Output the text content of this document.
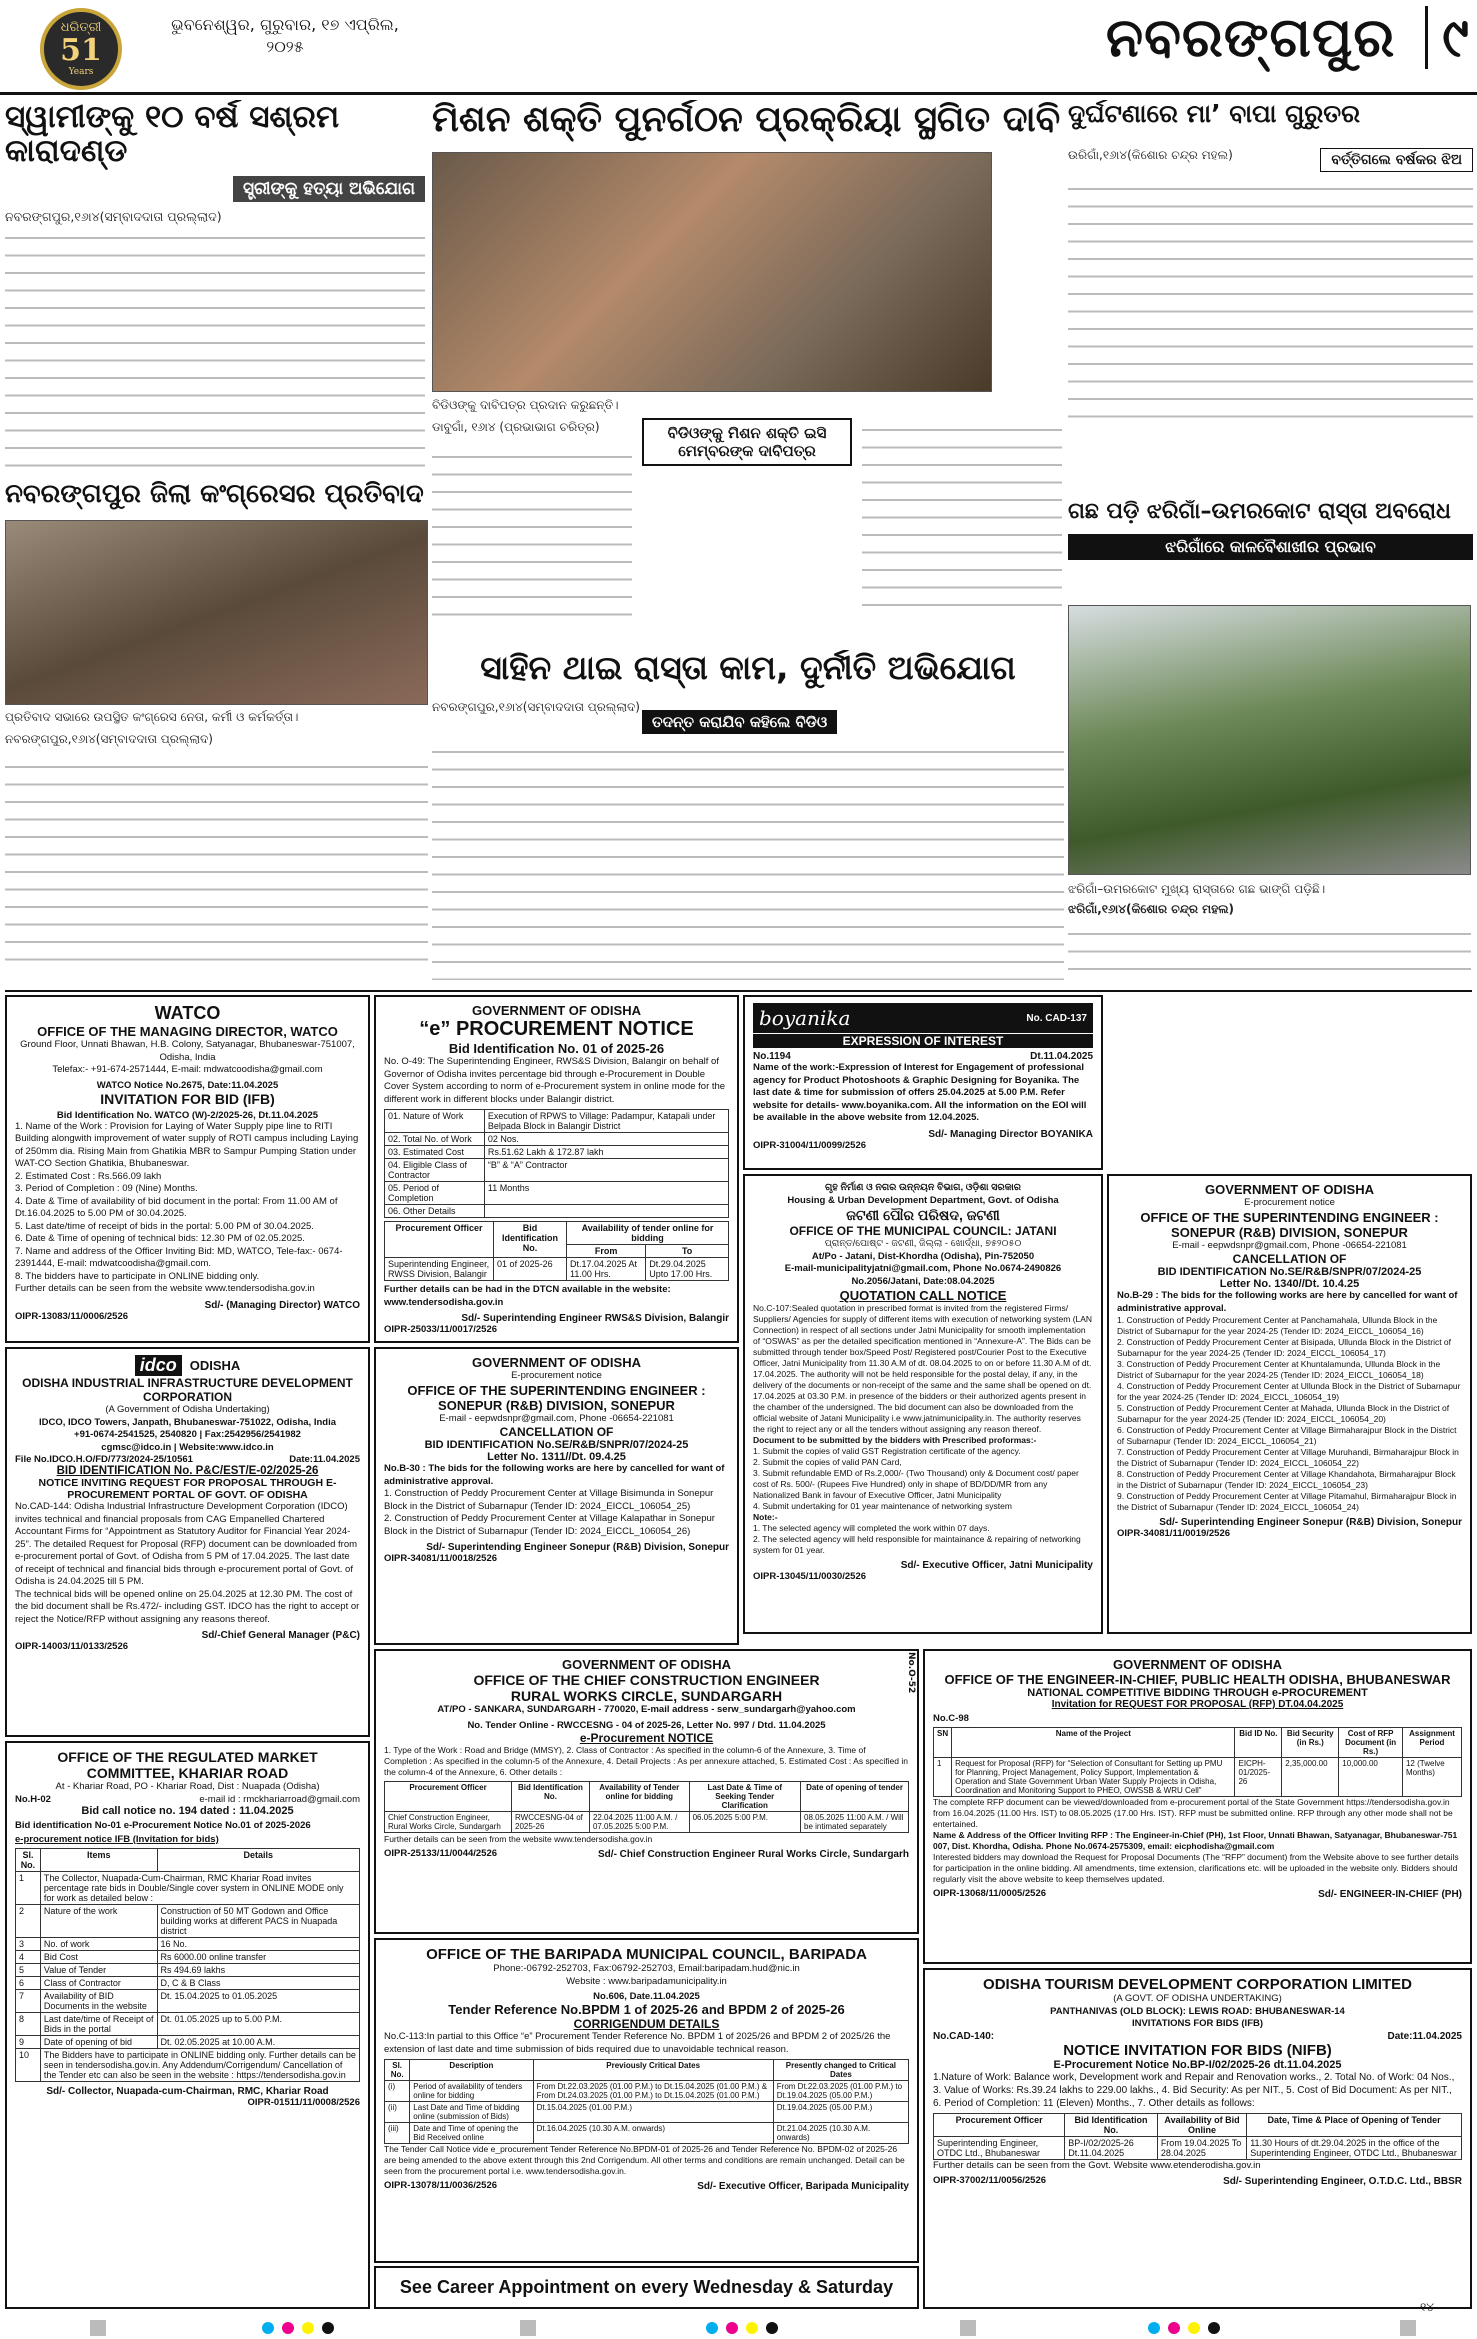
ଧରିତ୍ରୀ
51
Years
ଭୁବନେଶ୍ୱର, ଗୁରୁବାର, ୧୭ ଏପ୍ରିଲ, ୨୦୨୫	ନବରଙ୍ଗପୁର ୯
ସ୍ୱାମୀଙ୍କୁ ୧୦ ବର୍ଷ ସଶ୍ରମ କାରାଦଣ୍ଡ
ସ୍ତ୍ରୀଙ୍କୁ ହତ୍ୟା ଅଭିଯୋଗ
ନବରଙ୍ଗପୁର,୧୬ା୪(ସମ୍ବାଦଦାତା ପ୍ରଲ୍ଲାଦ)
ମିଶନ ଶକ୍ତି ପୁନର୍ଗଠନ ପ୍ରକ୍ରିୟା ସ୍ଥଗିତ ଦାବି
ବିଡିଓଙ୍କୁ ଦାବିପତ୍ର ପ୍ରଦାନ କରୁଛନ୍ତି।
ଡାବୁଗାଁ, ୧୬ା୪ (ପ୍ରଭାଭାଗ ଚରିତ୍ର)	ବିଡିଓଙ୍କୁ ମିଶନ ଶକ୍ତି ଇସି ମେମ୍ବରଙ୍କ ଦାବିପତ୍ର
ଦୁର୍ଘଟଣାରେ ମା’ ବାପା ଗୁରୁତର
ଉରିଗାଁ,୧୬ା୪(କିଶୋର ଚନ୍ଦ୍ର ମହଲ)	ବର୍ତ୍ତିଗଲେ ବର୍ଷକର ଝିଅ
ନବରଙ୍ଗପୁର ଜିଲା କଂଗ୍ରେସର ପ୍ରତିବାଦ
ପ୍ରତିବାଦ ସଭାରେ ଉପସ୍ଥିତ କଂଗ୍ରେସ ନେତା, କର୍ମୀ ଓ କର୍ମକର୍ତ୍ତା।
ନବରଙ୍ଗପୁର,୧୬ା୪(ସମ୍ବାଦଦାତା ପ୍ରଲ୍ଲାଦ)
ଗଛ ପଡ଼ି ଝରିଗାଁ–ଉମରକୋଟ ରାସ୍ତା ଅବରୋଧ
ଝରିଗାଁରେ କାଳବୈଶାଖୀର ପ୍ରଭାବ
ଝରିଗାଁ–ଉମରକୋଟ ମୁଖ୍ୟ ରାସ୍ତାରେ ଗଛ ଭାଙ୍ଗି ପଡ଼ିଛି।
ଝରିଗାଁ,୧୬ା୪(କିଶୋର ଚନ୍ଦ୍ର ମହଲ)
ସାହିନ ଥାଇ ରାସ୍ତା କାମ, ଦୁର୍ନୀତି ଅଭିଯୋଗ
ନବରଙ୍ଗପୁର,୧୬ା୪(ସମ୍ବାଦଦାତା ପ୍ରଲ୍ଲାଦ)
ତଦନ୍ତ କରାଯିବ କହିଲେ ବିଡିଓ
WATCO
OFFICE OF THE MANAGING DIRECTOR, WATCO
Ground Floor, Unnati Bhawan, H.B. Colony, Satyanagar, Bhubaneswar-751007, Odisha, India
Telefax:- +91-674-2571444, E-mail: mdwatcoodisha@gmail.com
WATCO Notice No.2675, Date:11.04.2025
INVITATION FOR BID (IFB)
Bid Identification No. WATCO (W)-2/2025-26, Dt.11.04.2025
1. Name of the Work : Provision for Laying of Water Supply pipe line to RITI Building alongwith improvement of water supply of ROTI campus including Laying of 250mm dia. Rising Main from Ghatikia MBR to Sampur Pumping Station under WAT-CO Section Ghatikia, Bhubaneswar.
2. Estimated Cost : Rs.566.09 lakh
3. Period of Completion : 09 (Nine) Months.
4. Date & Time of availability of bid document in the portal: From 11.00 AM of Dt.16.04.2025 to 5.00 PM of 30.04.2025.
5. Last date/time of receipt of bids in the portal: 5.00 PM of 30.04.2025.
6. Date & Time of opening of technical bids: 12.30 PM of 02.05.2025.
7. Name and address of the Officer Inviting Bid: MD, WATCO, Tele-fax:- 0674-2391444, E-mail: mdwatcoodisha@gmail.com.
8. The bidders have to participate in ONLINE bidding only.
Further details can be seen from the website www.tendersodisha.gov.in
Sd/- (Managing Director) WATCO
OIPR-13083/11/0006/2526
GOVERNMENT OF ODISHA
“e” PROCUREMENT NOTICE
Bid Identification No. 01 of 2025-26
No. O-49: The Superintending Engineer, RWS&S Division, Balangir on behalf of Governor of Odisha invites percentage bid through e-Procurement in Double Cover System according to norm of e-Procurement system in online mode for the different work in different blocks under Balangir district.
01. Nature of Work	Execution of RPWS to Village: Padampur, Katapali under Belpada Block in Balangir District
02. Total No. of Work	02 Nos.
03. Estimated Cost	Rs.51.62 Lakh & 172.87 lakh
04. Eligible Class of Contractor	“B” & “A” Contractor
05. Period of Completion	11 Months
06. Other Details	
Procurement Officer	Bid Identification No.	Availability of tender online for bidding	
		From	To
Superintending Engineer, RWSS Division, Balangir	01 of 2025-26	Dt.17.04.2025 At 11.00 Hrs.	Dt.29.04.2025 Upto 17.00 Hrs.
Further details can be had in the DTCN available in the website: www.tendersodisha.gov.in
Sd/- Superintending Engineer RWS&S Division, Balangir
OIPR-25033/11/0017/2526
boyanika	No. CAD-137
EXPRESSION OF INTEREST
No.1194	Dt.11.04.2025
Name of the work:-Expression of Interest for Engagement of professional agency for Product Photoshoots & Graphic Designing for Boyanika. The last date & time for submission of offers 25.04.2025 at 5.00 P.M. Refer website for details- www.boyanika.com. All the information on the EOI will be available in the above website from 12.04.2025.
Sd/- Managing Director BOYANIKA
OIPR-31004/11/0099/2526
ଗୃହ ନିର୍ମାଣ ଓ ନଗର ଉନ୍ନୟନ ବିଭାଗ, ଓଡ଼ିଶା ସରକାର
Housing & Urban Development Department, Govt. of Odisha
ଜଟଣୀ ପୌର ପରିଷଦ, ଜଟଣୀ
OFFICE OF THE MUNICIPAL COUNCIL: JATANI
ପ୍ରାନ୍ତ/ପୋଷ୍ଟ - ଜଟଣୀ, ଜିଲ୍ଲା - ଖୋର୍ଦ୍ଧା, ୭୫୨୦୫୦
At/Po - Jatani, Dist-Khordha (Odisha), Pin-752050
E-mail-municipalityjatni@gmail.com, Phone No.0674-2490826
No.2056/Jatani, Date:08.04.2025
QUOTATION CALL NOTICE
No.C-107:Sealed quotation in prescribed format is invited from the registered Firms/ Suppliers/ Agencies for supply of different items with execution of networking system (LAN Connection) in respect of all sections under Jatni Municipality for smooth implementation of “OSWAS” as per the detailed specification mentioned in “Annexure-A”. The Bids can be submitted through tender box/Speed Post/ Registered post/Courier Post to the Executive Officer, Jatni Municipality from 11.30 A.M of dt. 08.04.2025 to on or before 11.30 A.M of dt. 17.04.2025. The authority will not be held responsible for the postal delay, if any, in the delivery of the documents or non-receipt of the same and the same shall be opened on dt. 17.04.2025 at 03.30 P.M. in presence of the bidders or their authorized agents present in the chamber of the undersigned. The bid document can also be downloaded from the official website of Jatani Municipality i.e www.jatnimunicipality.in. The authority reserves the right to reject any or all the tenders without assigning any reason thereof.
Document to be submitted by the bidders with Prescribed proformas:-
1. Submit the copies of valid GST Registration certificate of the agency.
2. Submit the copies of valid PAN Card,
3. Submit refundable EMD of Rs.2,000/- (Two Thousand) only & Document cost/ paper cost of Rs. 500/- (Rupees Five Hundred) only in shape of BD/DD/MR from any Nationalized Bank in favour of Executive Officer, Jatni Municipality
4. Submit undertaking for 01 year maintenance of networking system
Note:-
1. The selected agency will completed the work within 07 days.
2. The selected agency will held responsible for maintainance & repairing of networking system for 01 year.
Sd/- Executive Officer, Jatni Municipality
OIPR-13045/11/0030/2526
GOVERNMENT OF ODISHA
E-procurement notice
OFFICE OF THE SUPERINTENDING ENGINEER : SONEPUR (R&B) DIVISION, SONEPUR
E-mail - eepwdsnpr@gmail.com, Phone -06654-221081
CANCELLATION OF
BID IDENTIFICATION No.SE/R&B/SNPR/07/2024-25
Letter No. 1340//Dt. 10.4.25
No.B-29 : The bids for the following works are here by cancelled for want of administrative approval.
1. Construction of Peddy Procurement Center at Panchamahala, Ullunda Block in the District of Subarnapur for the year 2024-25 (Tender ID: 2024_EICCL_106054_16)
2. Construction of Peddy Procurement Center at Bisipada, Ullunda Block in the District of Subarnapur for the year 2024-25 (Tender ID: 2024_EICCL_106054_17)
3. Construction of Peddy Procurement Center at Khuntalamunda, Ullunda Block in the District of Subarnapur for the year 2024-25 (Tender ID: 2024_EICCL_106054_18)
4. Construction of Peddy Procurement Center at Ullunda Block in the District of Subarnapur for the year 2024-25 (Tender ID: 2024_EICCL_106054_19)
5. Construction of Peddy Procurement Center at Mahada, Ullunda Block in the District of Subarnapur for the year 2024-25 (Tender ID: 2024_EICCL_106054_20)
6. Construction of Peddy Procurement Center at Village Birmaharajpur Block in the District of Subarnapur (Tender ID: 2024_EICCL_106054_21)
7. Construction of Peddy Procurement Center at Village Muruhandi, Birmaharajpur Block in the District of Subarnapur (Tender ID: 2024_EICCL_106054_22)
8. Construction of Peddy Procurement Center at Village Khandahota, Birmaharajpur Block in the District of Subarnapur (Tender ID: 2024_EICCL_106054_23)
9. Construction of Peddy Procurement Center at Village Pitamahul, Birmaharajpur Block in the District of Subarnapur (Tender ID: 2024_EICCL_106054_24)
Sd/- Superintending Engineer Sonepur (R&B) Division, Sonepur
OIPR-34081/11/0019/2526
idco	ODISHA
ODISHA INDUSTRIAL INFRASTRUCTURE DEVELOPMENT CORPORATION
(A Government of Odisha Undertaking)
IDCO, IDCO Towers, Janpath, Bhubaneswar-751022, Odisha, India
+91-0674-2541525, 2540820 | Fax:2542956/2541982
cgmsc@idco.in | Website:www.idco.in
File No.IDCO.H.O/FD/773/2024-25/10561	Date:11.04.2025
BID IDENTIFICATION No. P&C/EST/E-02/2025-26
NOTICE INVITING REQUEST FOR PROPOSAL THROUGH E-PROCUREMENT PORTAL OF GOVT. OF ODISHA
No.CAD-144: Odisha Industrial Infrastructure Development Corporation (IDCO) invites technical and financial proposals from CAG Empanelled Chartered Accountant Firms for “Appointment as Statutory Auditor for Financial Year 2024-25”. The detailed Request for Proposal (RFP) document can be downloaded from e-procurement portal of Govt. of Odisha from 5 PM of 17.04.2025. The last date of receipt of technical and financial bids through e-procurement portal of Govt. of Odisha is 24.04.2025 till 5 PM.
The technical bids will be opened online on 25.04.2025 at 12.30 PM. The cost of the bid document shall be Rs.472/- including GST. IDCO has the right to accept or reject the Notice/RFP without assigning any reasons thereof.
Sd/-Chief General Manager (P&C)
OIPR-14003/11/0133/2526
GOVERNMENT OF ODISHA
E-procurement notice
OFFICE OF THE SUPERINTENDING ENGINEER : SONEPUR (R&B) DIVISION, SONEPUR
E-mail - eepwdsnpr@gmail.com, Phone -06654-221081
CANCELLATION OF
BID IDENTIFICATION No.SE/R&B/SNPR/07/2024-25
Letter No. 1311//Dt. 09.4.25
No.B-30 : The bids for the following works are here by cancelled for want of administrative approval.
1. Construction of Peddy Procurement Center at Village Bisimunda in Sonepur Block in the District of Subarnapur (Tender ID: 2024_EICCL_106054_25)
2. Construction of Peddy Procurement Center at Village Kalapathar in Sonepur Block in the District of Subarnapur (Tender ID: 2024_EICCL_106054_26)
Sd/- Superintending Engineer Sonepur (R&B) Division, Sonepur
OIPR-34081/11/0018/2526
OFFICE OF THE REGULATED MARKET COMMITTEE, KHARIAR ROAD
At - Khariar Road, PO - Khariar Road, Dist : Nuapada (Odisha)
No.H-02	e-mail id : rmckhariarroad@gmail.com
Bid call notice no. 194 dated : 11.04.2025
Bid identification No-01 e-Procurement Notice No.01 of 2025-2026
e-procurement notice IFB (Invitation for bids)
Sl. No.	Items	Details
1	The Collector, Nuapada-Cum-Chairman, RMC Khariar Road invites percentage rate bids in Double/Single cover system in ONLINE MODE only for work as detailed below :	
2	Nature of the work	Construction of 50 MT Godown and Office building works at different PACS in Nuapada district
3	No. of work	16 No.
4	Bid Cost	Rs 6000.00 online transfer
5	Value of Tender	Rs 494.69 lakhs
6	Class of Contractor	D, C & B Class
7	Availability of BID Documents in the website	Dt. 15.04.2025 to 01.05.2025
8	Last date/time of Receipt of Bids in the portal	Dt. 01.05.2025 up to 5.00 P.M.
9	Date of opening of bid	Dt. 02.05.2025 at 10.00 A.M.
10	The Bidders have to participate in ONLINE bidding only. Further details can be seen in tendersodisha.gov.in. Any Addendum/Corrigendum/ Cancellation of the Tender etc can also be seen in the website : https://tendersodisha.gov.in	
Sd/- Collector, Nuapada-cum-Chairman, RMC, Khariar Road
OIPR-01511/11/0008/2526
GOVERNMENT OF ODISHA
OFFICE OF THE CHIEF CONSTRUCTION ENGINEER
RURAL WORKS CIRCLE, SUNDARGARH
AT/PO - SANKARA, SUNDARGARH - 770020, E-mail address - serw_sundargarh@yahoo.com
No. Tender Online - RWCCESNG - 04 of 2025-26, Letter No. 997 / Dtd. 11.04.2025
e-Procurement NOTICE
1. Type of the Work : Road and Bridge (MMSY), 2. Class of Contractor : As specified in the column-6 of the Annexure, 3. Time of Completion : As specified in the column-5 of the Annexure, 4. Detail Projects : As per annexure attached, 5. Estimated Cost : As specified in the column-4 of the Annexure, 6. Other details :
Procurement Officer	Bid Identification No.	Availability of Tender online for bidding	Last Date & Time of Seeking Tender Clarification	Date of opening of tender
Chief Construction Engineer, Rural Works Circle, Sundargarh	RWCCESNG-04 of 2025-26	22.04.2025 11:00 A.M. / 07.05.2025 5:00 P.M.	06.05.2025 5:00 P.M.	08.05.2025 11:00 A.M. / Will be intimated separately
Further details can be seen from the website www.tendersodisha.gov.in
OIPR-25133/11/0044/2526	Sd/- Chief Construction Engineer Rural Works Circle, Sundargarh
No.O-52	GOVERNMENT OF ODISHA
OFFICE OF THE ENGINEER-IN-CHIEF, PUBLIC HEALTH ODISHA, BHUBANESWAR
NATIONAL COMPETITIVE BIDDING THROUGH e-PROCUREMENT
Invitation for REQUEST FOR PROPOSAL (RFP) DT.04.04.2025
No.C-98
SN	Name of the Project	Bid ID No.	Bid Security (in Rs.)	Cost of RFP Document (in Rs.)	Assignment Period
1	Request for Proposal (RFP) for “Selection of Consultant for Setting up PMU for Planning, Project Management, Policy Support, Implementation & Operation and State Government Urban Water Supply Projects in Odisha, Coordination and Monitoring Support to PHEO, OWSSB & WRU Cell”	EICPH-01/2025-26	2,35,000.00	10,000.00	12 (Twelve Months)
The complete RFP document can be viewed/downloaded from e-procurement portal of the State Government https://tendersodisha.gov.in from 16.04.2025 (11.00 Hrs. IST) to 08.05.2025 (17.00 Hrs. IST). RFP must be submitted online. RFP through any other mode shall not be entertained.
Name & Address of the Officer Inviting RFP : The Engineer-in-Chief (PH), 1st Floor, Unnati Bhawan, Satyanagar, Bhubaneswar-751 007, Dist. Khordha, Odisha. Phone No.0674-2575309, email: eicphodisha@gmail.com
Interested bidders may download the Request for Proposal Documents (The “RFP” document) from the Website above to see further details for participation in the online bidding. All amendments, time extension, clarifications etc. will be uploaded in the website only. Bidders should regularly visit the above website to keep themselves updated.
OIPR-13068/11/0005/2526	Sd/- ENGINEER-IN-CHIEF (PH)
OFFICE OF THE BARIPADA MUNICIPAL COUNCIL, BARIPADA
Phone:-06792-252703, Fax:06792-252703, Email:baripadam.hud@nic.in
Website : www.baripadamunicipality.in
No.606, Date.11.04.2025
Tender Reference No.BPDM 1 of 2025-26 and BPDM 2 of 2025-26
CORRIGENDUM DETAILS
No.C-113:In partial to this Office “e” Procurement Tender Reference No. BPDM 1 of 2025/26 and BPDM 2 of 2025/26 the extension of last date and time submission of bids required due to unavoidable technical reason.
Sl. No.	Description	Previously Critical Dates	Presently changed to Critical Dates
(i)	Period of availability of tenders online for bidding	From Dt.22.03.2025 (01.00 P.M.) to Dt.15.04.2025 (01.00 P.M.) & From Dt.24.03.2025 (01.00 P.M.) to Dt.15.04.2025 (01.00 P.M.)	From Dt.22.03.2025 (01.00 P.M.) to Dt.19.04.2025 (05.00 P.M.)
(ii)	Last Date and Time of bidding online (submission of Bids)	Dt.15.04.2025 (01.00 P.M.)	Dt.19.04.2025 (05.00 P.M.)
(iii)	Date and Time of opening the Bid Received online	Dt.16.04.2025 (10.30 A.M. onwards)	Dt.21.04.2025 (10.30 A.M. onwards)
The Tender Call Notice vide e_procurement Tender Reference No.BPDM-01 of 2025-26 and Tender Reference No. BPDM-02 of 2025-26 are being amended to the above extent through this 2nd Corrigendum. All other terms and conditions are remain unchanged. Detail can be seen from the procurement portal i.e. www.tendersodisha.gov.in.
OIPR-13078/11/0036/2526	Sd/- Executive Officer, Baripada Municipality
See Career Appointment on every Wednesday & Saturday
ODISHA TOURISM DEVELOPMENT CORPORATION LIMITED
(A GOVT. OF ODISHA UNDERTAKING)
PANTHANIVAS (OLD BLOCK): LEWIS ROAD: BHUBANESWAR-14
INVITATIONS FOR BIDS (IFB)
No.CAD-140:	Date:11.04.2025
NOTICE INVITATION FOR BIDS (NIFB)
E-Procurement Notice No.BP-I/02/2025-26 dt.11.04.2025
1.Nature of Work: Balance work, Development work and Repair and Renovation works., 2. Total No. of Work: 04 Nos., 3. Value of Works: Rs.39.24 lakhs to 229.00 lakhs., 4. Bid Security: As per NIT., 5. Cost of Bid Document: As per NIT., 6. Period of Completion: 11 (Eleven) Months., 7. Other details as follows:
Procurement Officer	Bid Identification No.	Availability of Bid Online	Date, Time & Place of Opening of Tender
Superintending Engineer, OTDC Ltd., Bhubaneswar	BP-I/02/2025-26 Dt.11.04.2025	From 19.04.2025 To 28.04.2025	11.30 Hours of dt.29.04.2025 in the office of the Superintending Engineer, OTDC Ltd., Bhubaneswar
Further details can be seen from the Govt. Website www.etenderodisha.gov.in
OIPR-37002/11/0056/2526	Sd/- Superintending Engineer, O.T.D.C. Ltd., BBSR
୧୪
